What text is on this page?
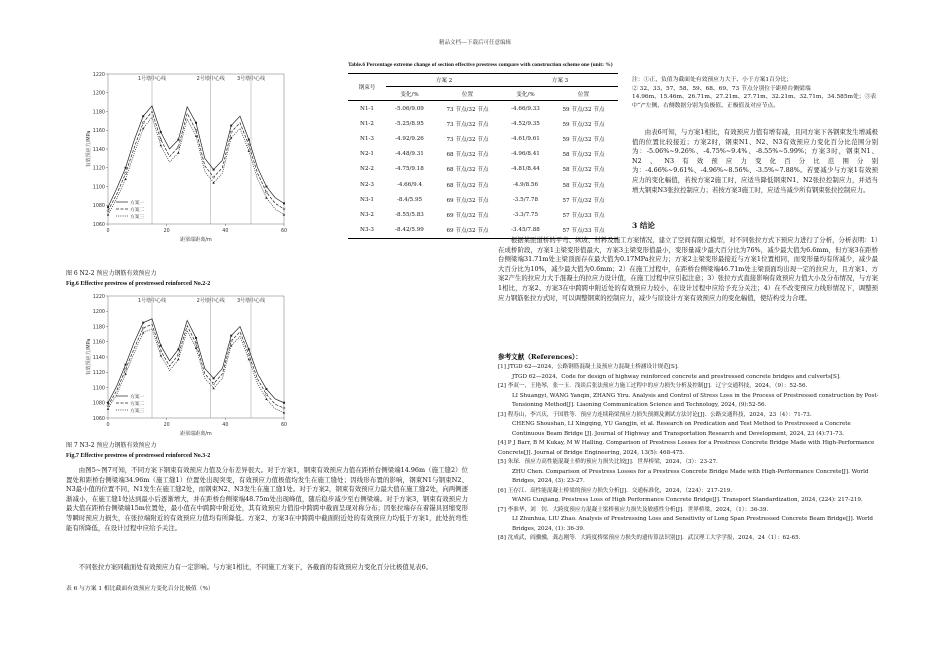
精品文档---下载后可任意编辑
1060
1080
1100
1120
1140
1160
1180
1200
1220
0	20	40	60
1号墩中心线	2号墩中心线 3号墩中心线
距梁端距离/m
有效预应力/MPa
方案一
方案二
方案三
图 6 N2-2 预应力钢筋有效预应力
Fig.6 Effective prestress of prestressed reinforced No.2-2
1060
1080
1100
1120
1140
1160
1180
1200
1220
0	20	40	60
1号墩中心线	2号墩中心线 3号墩中心线
距梁端距离/m
有效预应力/MPa
方案一
方案二
方案三
图 7 N3-2 预应力钢筋有效预应力
Fig.7 Effective prestress of prestressed reinforced No.3-2
由图5~图7可知，不同方案下钢束有效预应力值及分布差异很大。对于方案1，钢束有效预应力值在距桥台侧梁端14.96m（施工缝2）位置处和距桥台侧梁端34.96m（施工缝1）位置处出现突变，有效预应力值极值均发生在施工缝处；因线形布置的影响，钢束N1与钢束N2、N3最小值的位置不同，N1发生在施工缝2处，而钢束N2、N3发生在施工缝1处。对于方案2，钢束有效预应力最大值在施工缝2处，向两侧逐渐减小，在施工缝1处达到最小后逐渐增大，并在距桥台侧梁端48.75m处出现峰值，随后稳步减少至右侧梁端。对于方案3，钢束有效预应力最大值在距桥台侧梁端15m位置处，最小值在中跨跨中附近处，其有效预应力值沿中跨跨中截面呈现对称分布；因张拉端存在着锚具回缩变形等瞬时预应力损失，在张拉端附近的有效预应力值均有所降低。方案2、方案3在中跨跨中截面附近处的有效预应力均低于方案1，此处抗弯性能有所降低，在设计过程中应给予关注。
不同张拉方案同截面处有效预应力有一定影响。与方案1相比，不同施工方案下，各截面的有效预应力变化百分比极值见表6。
表 6 与方案 1 相比截面有效预应力变化百分比极值（%）
Table.6 Percentage extreme change of section effective prestress compare with construction scheme one (unit: %)
钢束号	方案 2		方案 3	
	变化/%	位置	变化/%	位置
N1-1	-5.06/9.09	73 节点/32 节点	-4.66/9.33	59 节点/32 节点
N1-2	-5.25/8.95	73 节点/32 节点	-4.52/9.35	59 节点/32 节点
N1-3	-4.92/9.26	73 节点/32 节点	-4.61/9.61	59 节点/32 节点
N2-1	-4.48/9.31	68 节点/32 节点	-4.96/8.41	58 节点/32 节点
N2-2	-4.75/9.18	68 节点/32 节点	-4.81/8.44	58 节点/32 节点
N2-3	-4.66/9.4	68 节点/32 节点	-4.9/8.56	58 节点/32 节点
N3-1	-8.4/5.95	69 节点/32 节点	-3.5/7.78	57 节点/32 节点
N3-2	-8.55/5.83	69 节点/32 节点	-3.3/7.75	57 节点/33 节点
N3-3	-8.42/5.99	69 节点/32 节点	-3.45/7.88	57 节点/33 节点
注：①正、负值为截面处有效预应力大于、小于方案1百分比；
② 32、33、57、58、59、68、69、73 节点分别位于距桥台侧梁端
14.96m、15.46m、26.71m、27.21m、27.71m、32.21m、32.71m、34.585m处；③表中“/”左侧、右侧数据分别为负极值、正极值及对应节点。
由表6可知，与方案1相比，有效预应力值有增有减，且同方案下各钢束发生增减极值的位置比较接近；方案2时，钢束N1、N2、N3有效预应力变化百分比范围分别为：-5.06%~9.26%、-4.75%~9.4%、-8.55%~5.99%；方案3时，钢束N1、N2、N3有效预应力变化百分比范围分别为：-4.66%~9.61%、-4.96%~8.56%、-3.5%~7.88%。若要减少与方案1有效预应力的变化幅值，若按方案2施工时，应适当降低钢束N1、N2张拉控制应力，并适当增大钢束N3张拉控制应力；若按方案3施工时，应适当减少所有钢束张拉控制应力。
3 结论
根据某匝道桥的平弯、纵坡、材料及施工方案情况，建立了空间有限元模型，对不同张拉方式下预应力进行了分析，分析表明：1）在成桥阶段，方案1主梁变形值最大，方案3主梁变形值最小，变形量减少最大百分比为76%，减少最大值为6.6mm，但方案3在距桥台侧梁端31.71m处主梁顶面存在最大值为0.17MPa拉应力；方案2主梁变形最接近与方案1位置相同，而变形量均有所减少，减少最大百分比为10%，减少最大值为0.6mm；2）在施工过程中，在距桥台侧梁端46.71m处主梁顶面均出现一定的拉应力，且方案1、方案2产生的拉应力大于混凝土的拉应力设计值，在施工过程中应引起注意；3）张拉方式直接影响有效预应力值大小及分布情况，与方案1相比，方案2、方案3在中跨跨中附近处的有效预应力较小，在设计过程中应给予充分关注；4）在不改变预应力线形情况下，调整预应力钢筋张拉方式时，可以调整钢束的控制应力，减少与原设计方案有效预应力的变化幅值，使结构受力合理。
参考文献（References）：
[1] JTGD 62—2024，公路钢筋混凝土及预应力混凝土桥涵设计规范[S].
JTGD 62—2024，Code for design of highway reinforced concrete and prestressed concrete bridges and culverts[S].
[2] 李双一，王艳琴，张一玉．浅谈后张法预应力施工过程中的应力损失分析及控制[J]．辽宁交通科技，2024，（9）：52-56.
LI Shuangyi, WANG Yanqin, ZHANG Yiru. Analysis and Control of Stress Loss in the Process of Prestressed construction by Post-Tensioning Method[J]. Liaoning Communication Science and Technology, 2024, (9):52-56.
[3] 程寿山，李兴庆，于国胜等．预应力连续箱梁预应力损失预测及测试方法讨论[J]．公路交通科技，2024，23（4）：71-73.
CHENG Shoushan, LI Xingqing, YU Gangjin, et al. Research on Predication and Test Method to Prestressed a Concrete Continuous Beam Bridge [J]. Journal of Highway and Transportation Research and Development, 2024, 23 (4):71-73.
[4] P J Barr, B M Kukay, M W Halling. Comparison of Prestress Losses for a Prestress Concrete Bridge Made with High-Performance Concrete[J]. Journal of Bridge Engineering, 2024, 13(5): 468-475.
[5] 朱琛．预应力高性能混凝土桥的预应力损失比较[J]．世界桥梁，2024，（3）：23-27.
ZHU Chen. Comparison of Prestress Losses for a Prestress Concrete Bridge Made with High-Performance Concrete[J]. World Bridges, 2024, (3): 23-27.
[6] 王存江．高性能混凝土桥梁的预应力损失分析[J]．交通标准化，2024，（224）：217-219.
WANG Cunjiang. Prestress Loss of High Performance Concrete Bridge[J]. Transport Standardization, 2024, (224): 217-219.
[7] 李准华，刘　钊．大跨度预应力混凝土梁桥预应力损失及敏感性分析[J]．世界桥梁，2024，（1）：36-39.
LI Zhunhua, LIU Zhao. Analysis of Prestressing Loss and Sensitivity of Long Span Prestressed Concrete Beam Bridge[J]. World Bridges, 2024, (1): 36-39.
[8] 沈成武，阎骥骥，龚志刚等．大跨度桥梁预应力损失的遗传算法识别[J]．武汉理工大学学报，2024，24（1）：62-65.
